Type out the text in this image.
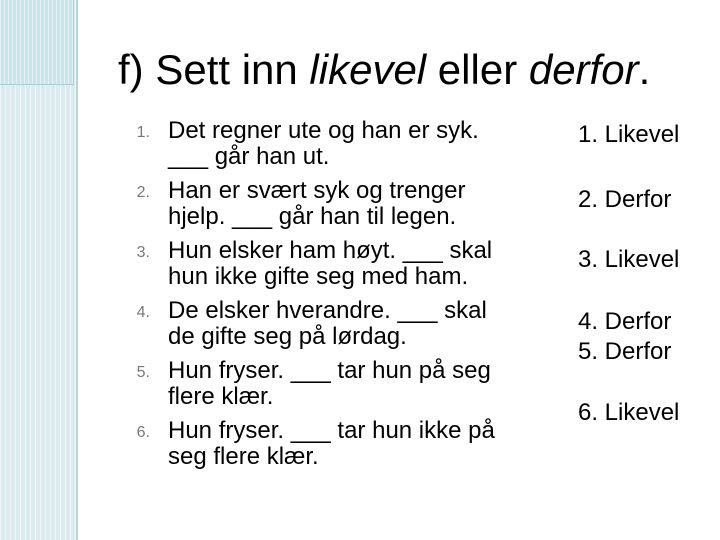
f) Sett inn likevel eller derfor.
1. Det regner ute og han er syk.
___ går han ut.
2. Han er svært syk og trenger
hjelp. ___ går han til legen.
3. Hun elsker ham høyt. ___ skal
hun ikke gifte seg med ham.
4. De elsker hverandre. ___ skal
de gifte seg på lørdag.
5. Hun fryser. ___ tar hun på seg
flere klær.
6. Hun fryser. ___ tar hun ikke på
seg flere klær.
1. Likevel
2. Derfor
3. Likevel
4. Derfor
5. Derfor
6. Likevel
